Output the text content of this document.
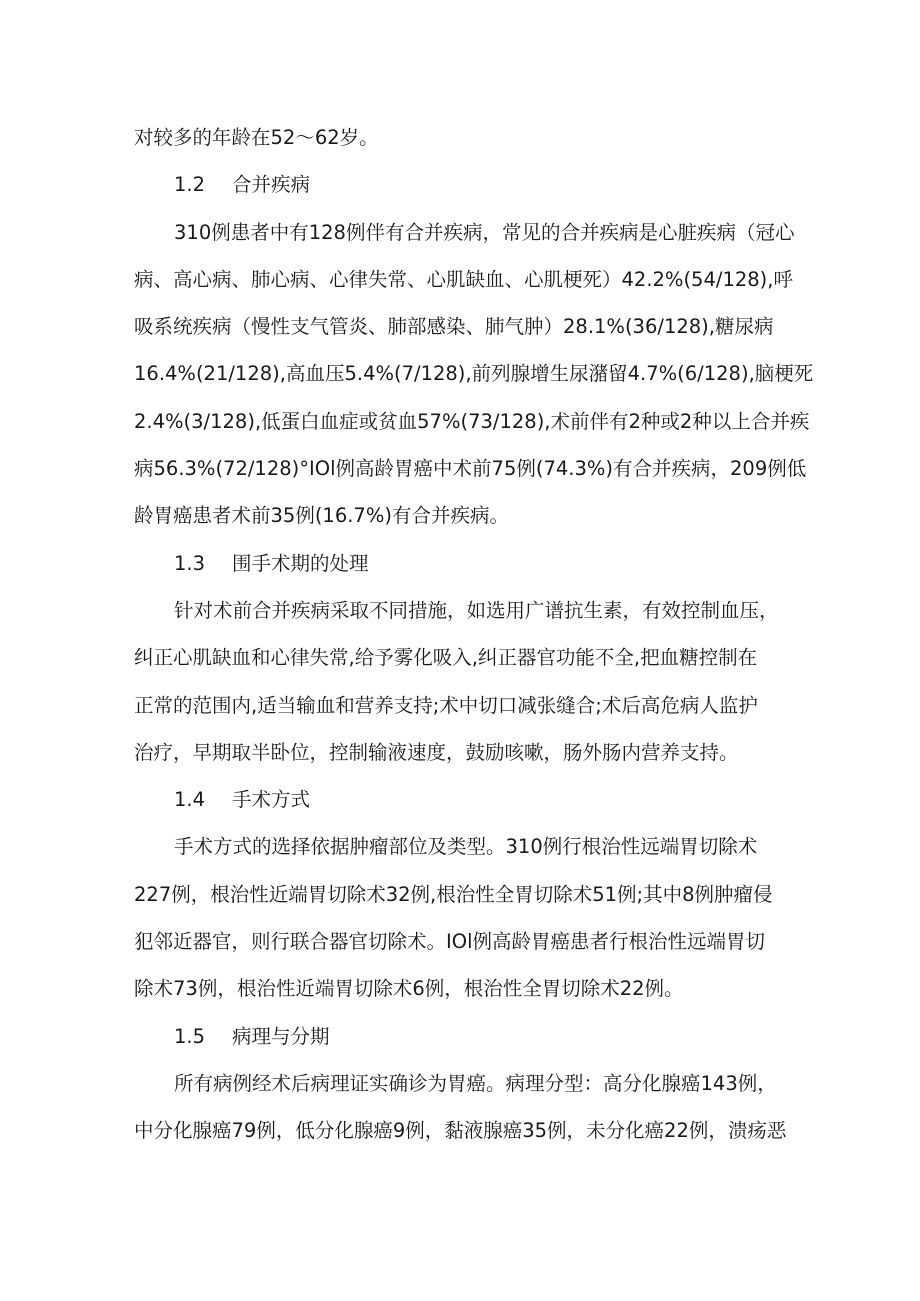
对较多的年龄在52～62岁。
1.2 合并疾病
310例患者中有128例伴有合并疾病，常见的合并疾病是心脏疾病（冠心
病、高心病、肺心病、心律失常、心肌缺血、心肌梗死）42.2%(54/128),呼
吸系统疾病（慢性支气管炎、肺部感染、肺气肿）28.1%(36/128),糖尿病
16.4%(21/128),高血压5.4%(7/128),前列腺增生尿潴留4.7%(6/128),脑梗死
2.4%(3/128),低蛋白血症或贫血57%(73/128),术前伴有2种或2种以上合并疾
病56.3%(72/128)°IOl例高龄胃癌中术前75例(74.3%)有合并疾病，209例低
龄胃癌患者术前35例(16.7%)有合并疾病。
1.3 围手术期的处理
针对术前合并疾病采取不同措施，如选用广谱抗生素，有效控制血压，
纠正心肌缺血和心律失常,给予雾化吸入,纠正器官功能不全,把血糖控制在
正常的范围内,适当输血和营养支持;术中切口减张缝合;术后高危病人监护
治疗，早期取半卧位，控制输液速度，鼓励咳嗽，肠外肠内营养支持。
1.4 手术方式
手术方式的选择依据肿瘤部位及类型。310例行根治性远端胃切除术
227例，根治性近端胃切除术32例,根治性全胃切除术51例;其中8例肿瘤侵
犯邻近器官，则行联合器官切除术。IOl例高龄胃癌患者行根治性远端胃切
除术73例，根治性近端胃切除术6例，根治性全胃切除术22例。
1.5 病理与分期
所有病例经术后病理证实确诊为胃癌。病理分型：高分化腺癌143例，
中分化腺癌79例，低分化腺癌9例，黏液腺癌35例，未分化癌22例，溃疡恶
